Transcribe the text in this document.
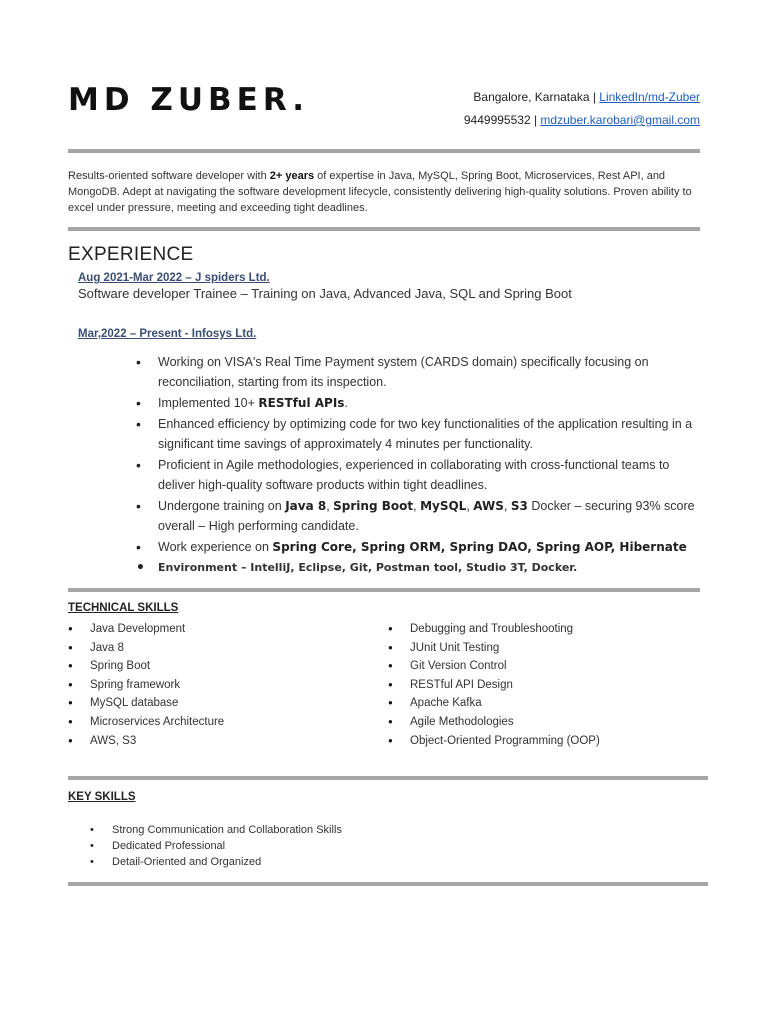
MD ZUBER.	Bangalore, Karnataka | LinkedIn/md-Zuber
9449995532 | mdzuber.karobari@gmail.com
Results-oriented software developer with 2+ years of expertise in Java, MySQL, Spring Boot, Microservices, Rest API, and MongoDB. Adept at navigating the software development lifecycle, consistently delivering high-quality solutions. Proven ability to excel under pressure, meeting and exceeding tight deadlines.
EXPERIENCE
Aug 2021-Mar 2022 – J spiders Ltd.
Software developer Trainee – Training on Java, Advanced Java, SQL and Spring Boot
Mar,2022 – Present - Infosys Ltd.
• Working on VISA's Real Time Payment system (CARDS domain) specifically focusing on reconciliation, starting from its inspection.
• Implemented 10+ RESTful APIs.
• Enhanced efficiency by optimizing code for two key functionalities of the application resulting in a significant time savings of approximately 4 minutes per functionality.
• Proficient in Agile methodologies, experienced in collaborating with cross-functional teams to deliver high-quality software products within tight deadlines.
• Undergone training on Java 8, Spring Boot, MySQL, AWS, S3 Docker – securing 93% score overall – High performing candidate.
• Work experience on Spring Core, Spring ORM, Spring DAO, Spring AOP, Hibernate
• Environment – IntelliJ, Eclipse, Git, Postman tool, Studio 3T, Docker.
TECHNICAL SKILLS
● Java Development
● Java 8
● Spring Boot
● Spring framework
● MySQL database
● Microservices Architecture
● AWS, S3
● Debugging and Troubleshooting
● JUnit Unit Testing
● Git Version Control
● RESTful API Design
● Apache Kafka
● Agile Methodologies
● Object-Oriented Programming (OOP)
KEY SKILLS
• Strong Communication and Collaboration Skills
• Dedicated Professional
• Detail-Oriented and Organized
